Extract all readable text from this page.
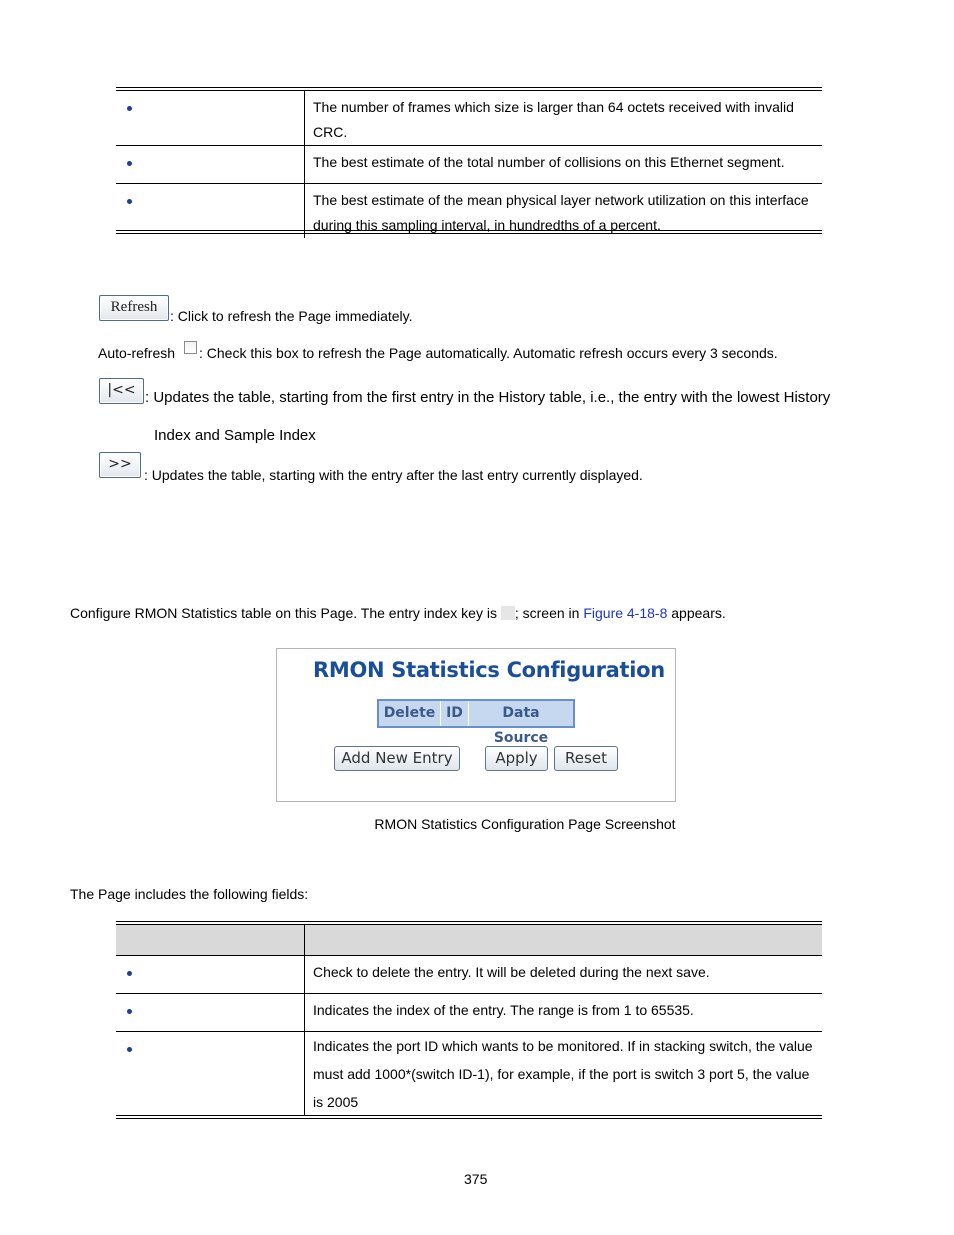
	The number of frames which size is larger than 64 octets received with invalid CRC.

	The best estimate of the total number of collisions on this Ethernet segment.

	The best estimate of the mean physical layer network utilization on this interface during this sampling interval, in hundredths of a percent.
Refresh
: Click to refresh the Page immediately.
Auto-refresh : Check this box to refresh the Page automatically. Automatic refresh occurs every 3 seconds.
|<< : Updates the table, starting from the first entry in the History table, i.e., the entry with the lowest History
Index and Sample Index
>>
: Updates the table, starting with the entry after the last entry currently displayed.
Configure RMON Statistics table on this Page. The entry index key is ; screen in Figure 4-18-8 appears.
RMON Statistics Configuration
Delete ID	Data Source
Add New Entry	Apply	Reset
RMON Statistics Configuration Page Screenshot
The Page includes the following fields:

	Check to delete the entry. It will be deleted during the next save.

	Indicates the index of the entry. The range is from 1 to 65535.

	Indicates the port ID which wants to be monitored. If in stacking switch, the value must add 1000*(switch ID-1), for example, if the port is switch 3 port 5, the value is 2005
375
